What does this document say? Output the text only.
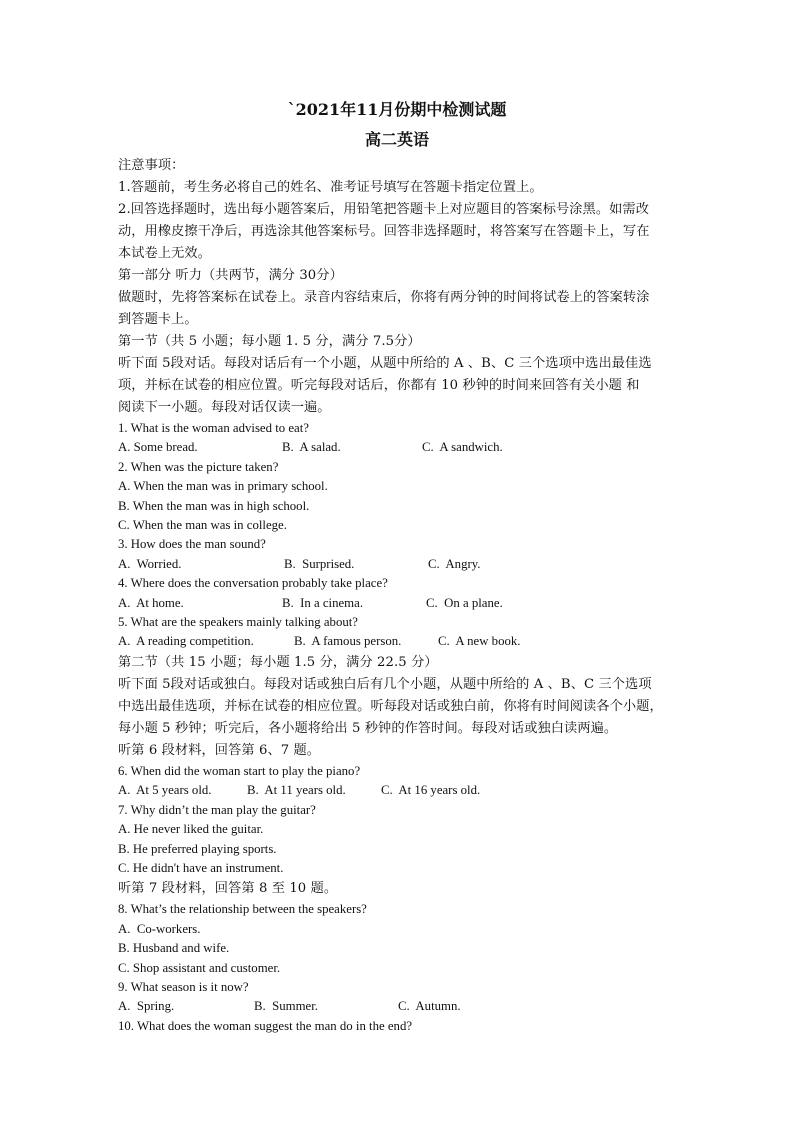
`2021年11月份期中检测试题
高二英语
注意事项：
1.答题前，考生务必将自己的姓名、准考证号填写在答题卡指定位置上。
2.回答选择题时，选出每小题答案后，用铅笔把答题卡上对应题目的答案标号涂黑。如需改
动，用橡皮擦干净后，再选涂其他答案标号。回答非选择题时，将答案写在答题卡上，写在
本试卷上无效。
第一部分 听力（共两节，满分 30分）
做题时，先将答案标在试卷上。录音内容结束后，你将有两分钟的时间将试卷上的答案转涂
到答题卡上。
第一节（共 5 小题；每小题 1. 5 分，满分 7.5分）
听下面 5段对话。每段对话后有一个小题，从题中所给的 A 、B、C 三个选项中选出最佳选
项，并标在试卷的相应位置。听完每段对话后，你都有 10 秒钟的时间来回答有关小题 和
阅读下一小题。每段对话仅读一遍。
1. What is the woman advised to eat?
A. Some bread.	B.  A salad.	C.  A sandwich.
2. When was the picture taken?
A. When the man was in primary school.
B. When the man was in high school.
C. When the man was in college.
3. How does the man sound?
A.  Worried.	B.  Surprised.	C.  Angry.
4. Where does the conversation probably take place?
A.  At home.	B.  In a cinema.	C.  On a plane.
5. What are the speakers mainly talking about?
A.  A reading competition.	B.  A famous person.	C.  A new book.
第二节（共 15 小题；每小题 1.5 分，满分 22.5 分）
听下面 5段对话或独白。每段对话或独白后有几个小题，从题中所给的 A 、B、C 三个选项
中选出最佳选项，并标在试卷的相应位置。听每段对话或独白前，你将有时间阅读各个小题，
每小题 5 秒钟；听完后，各小题将给出 5 秒钟的作答时间。每段对话或独白读两遍。
听第 6 段材料，回答第 6、7 题。
6. When did the woman start to play the piano?
A.  At 5 years old.	B.  At 11 years old.	C.  At 16 years old.
7. Why didn’t the man play the guitar?
A. He never liked the guitar.
B. He preferred playing sports.
C. He didn't have an instrument.
听第 7 段材料，回答第 8 至 10 题。
8. What’s the relationship between the speakers?
A.  Co-workers.
B. Husband and wife.
C. Shop assistant and customer.
9. What season is it now?
A.  Spring.	B.  Summer.	C.  Autumn.
10. What does the woman suggest the man do in the end?
